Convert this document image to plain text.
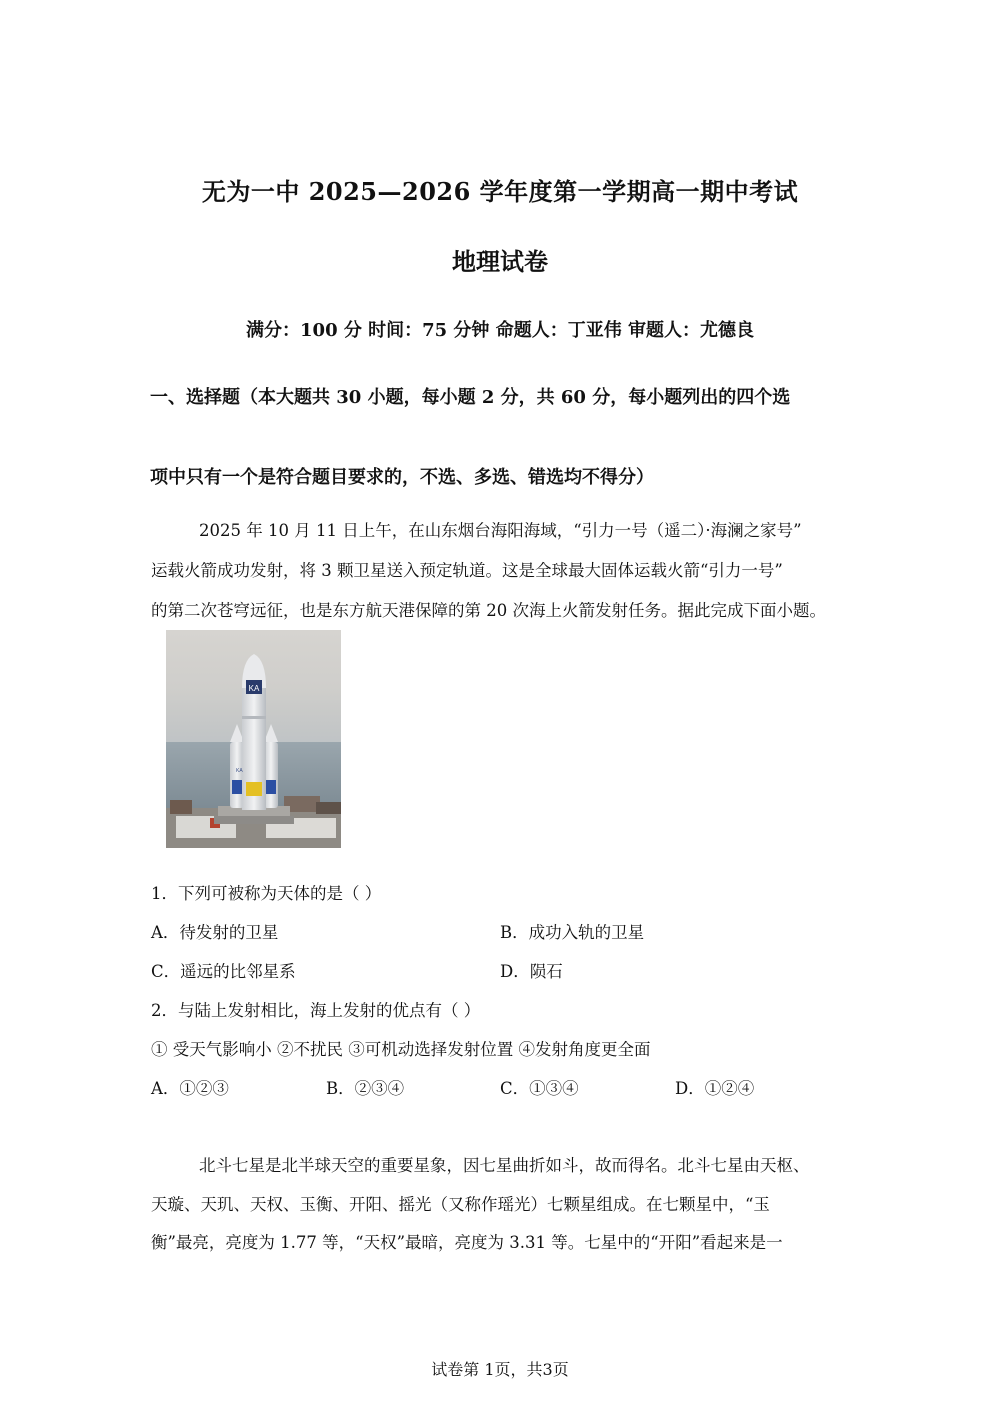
无为一中 2025—2026 学年度第一学期高一期中考试
地理试卷
满分：100 分 时间：75 分钟 命题人：丁亚伟 审题人：尤德良
一、选择题（本大题共 30 小题，每小题 2 分，共 60 分，每小题列出的四个选
项中只有一个是符合题目要求的，不选、多选、错选均不得分）
2025 年 10 月 11 日上午，在山东烟台海阳海域，“引力一号（遥二）·海澜之家号”
运载火箭成功发射，将 3 颗卫星送入预定轨道。这是全球最大固体运载火箭“引力一号”
的第二次苍穹远征，也是东方航天港保障的第 20 次海上火箭发射任务。据此完成下面小题。
KA
KA
1．下列可被称为天体的是（ ）
A．待发射的卫星	B．成功入轨的卫星
C．遥远的比邻星系	D．陨石
2．与陆上发射相比，海上发射的优点有（ ）
① 受天气影响小 ②不扰民 ③可机动选择发射位置 ④发射角度更全面
A．①②③	B．②③④	C．①③④	D．①②④
北斗七星是北半球天空的重要星象，因七星曲折如斗，故而得名。北斗七星由天枢、
天璇、天玑、天权、玉衡、开阳、摇光（又称作瑶光）七颗星组成。在七颗星中，“玉
衡”最亮，亮度为 1.77 等，“天权”最暗，亮度为 3.31 等。七星中的“开阳”看起来是一
试卷第 1页，共3页
